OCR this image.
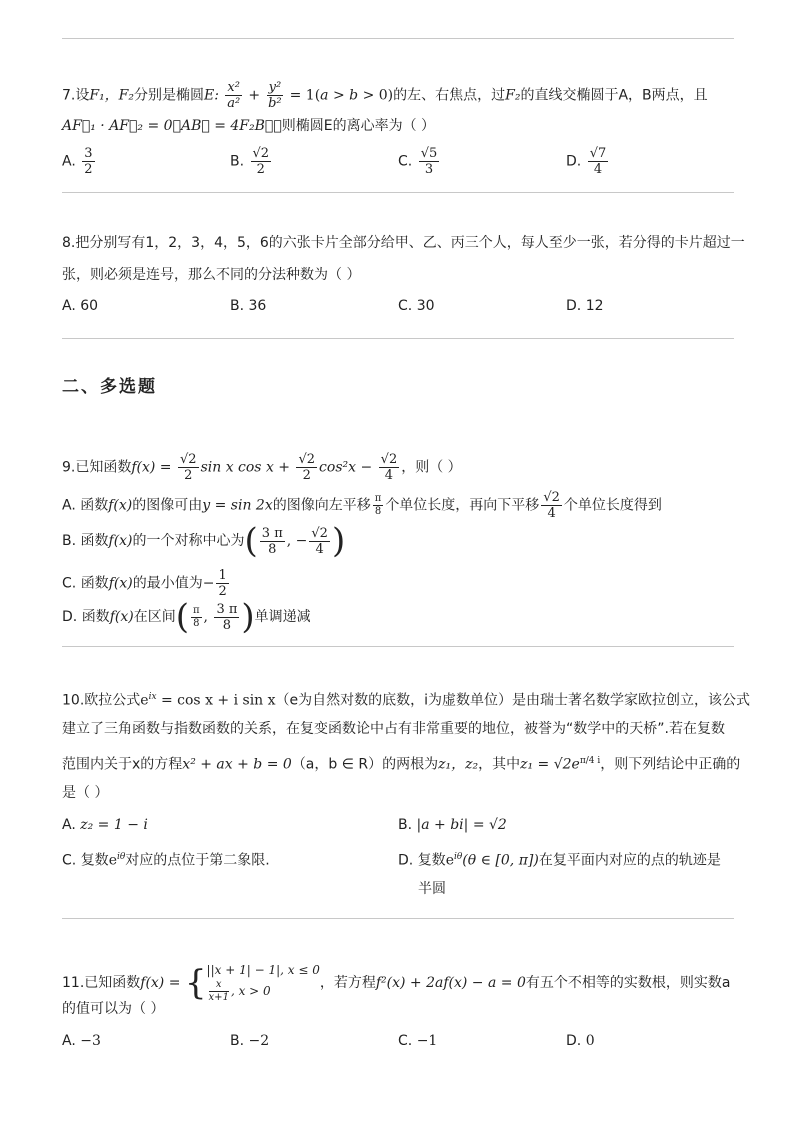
7.设F₁，F₂分别是椭圆E: $\frac{\text{x²}}{\text{a²}} + \frac{\text{y²}}{\text{b²}} = 1(a > b > 0)$的左、右焦点，过F₂的直线交椭圆于A，B两点，且
AF⃗₁ · AF⃗₂ = 0，AB⃗ = 4F₂B⃗，则椭圆E的离心率为（ ）
A. $\frac{3}{2}$	B. $\frac{√2}{2}$	C. $\frac{√5}{3}$	D. $\frac{√7}{4}$
8.把分别写有1，2，3，4，5，6的六张卡片全部分给甲、乙、丙三个人，每人至少一张，若分得的卡片超过一
张，则必须是连号，那么不同的分法种数为（ ）
A. 60	B. 36	C. 30	D. 12
二、多选题
9.已知函数$f(x) = \frac{√2}{2}$ sin x $\cos x + \frac{√2}{2} \cos^2x - \frac{√2}{4}$ ，则（ ）
A. 函数f(x)的图像可由y = sin 2x的图像向左平移 $\frac{\pi}{8}$ 个单位长度，再向下平移 $\frac{√2}{4}$ 个单位长度得到
B. 函数f(x)的一个对称中心为( $\frac{3 \pi}{8}$ , − $\frac{√2}{4}$ )
C. 函数f(x)的最小值为− $\frac{1}{2}$
D. 函数f(x)在区间( $\frac{\pi}{8}$ , $\frac{3 \pi}{8}$ )单调递减
10.欧拉公式$e^{ix} = \cos x + i$ sin x（e为自然对数的底数，i为虚数单位）是由瑞士著名数学家欧拉创立，该公式
建立了三角函数与指数函数的关系，在复变函数论中占有非常重要的地位，被誉为“数学中的天桥”.若在复数
范围内关于x的方程x² + ax + b = 0（a，b ∈ R）的两根为z₁，z₂，其中$z_1 = √2e^{\pi/4 i}$，则下列结论中正确的
是（ ）
A. z₂ = 1 − i	B. |a + bi| = √2
C. 复数$e^{i\theta}$对应的点位于第二象限.	D. 复数$e^{i\theta}(\theta$ ∈ [0, π])在复平面内对应的点的轨迹是
半圆
11.已知函数f(x) = { ||x + 1| − 1|, x ≤ 0
$\frac{x}{x+1}$ , x > 0	，若方程f²(x) + 2af(x) − a = 0有五个不相等的实数根，则实数a
的值可以为（ ）
A. −3	B. −2	C. −1	D. 0
